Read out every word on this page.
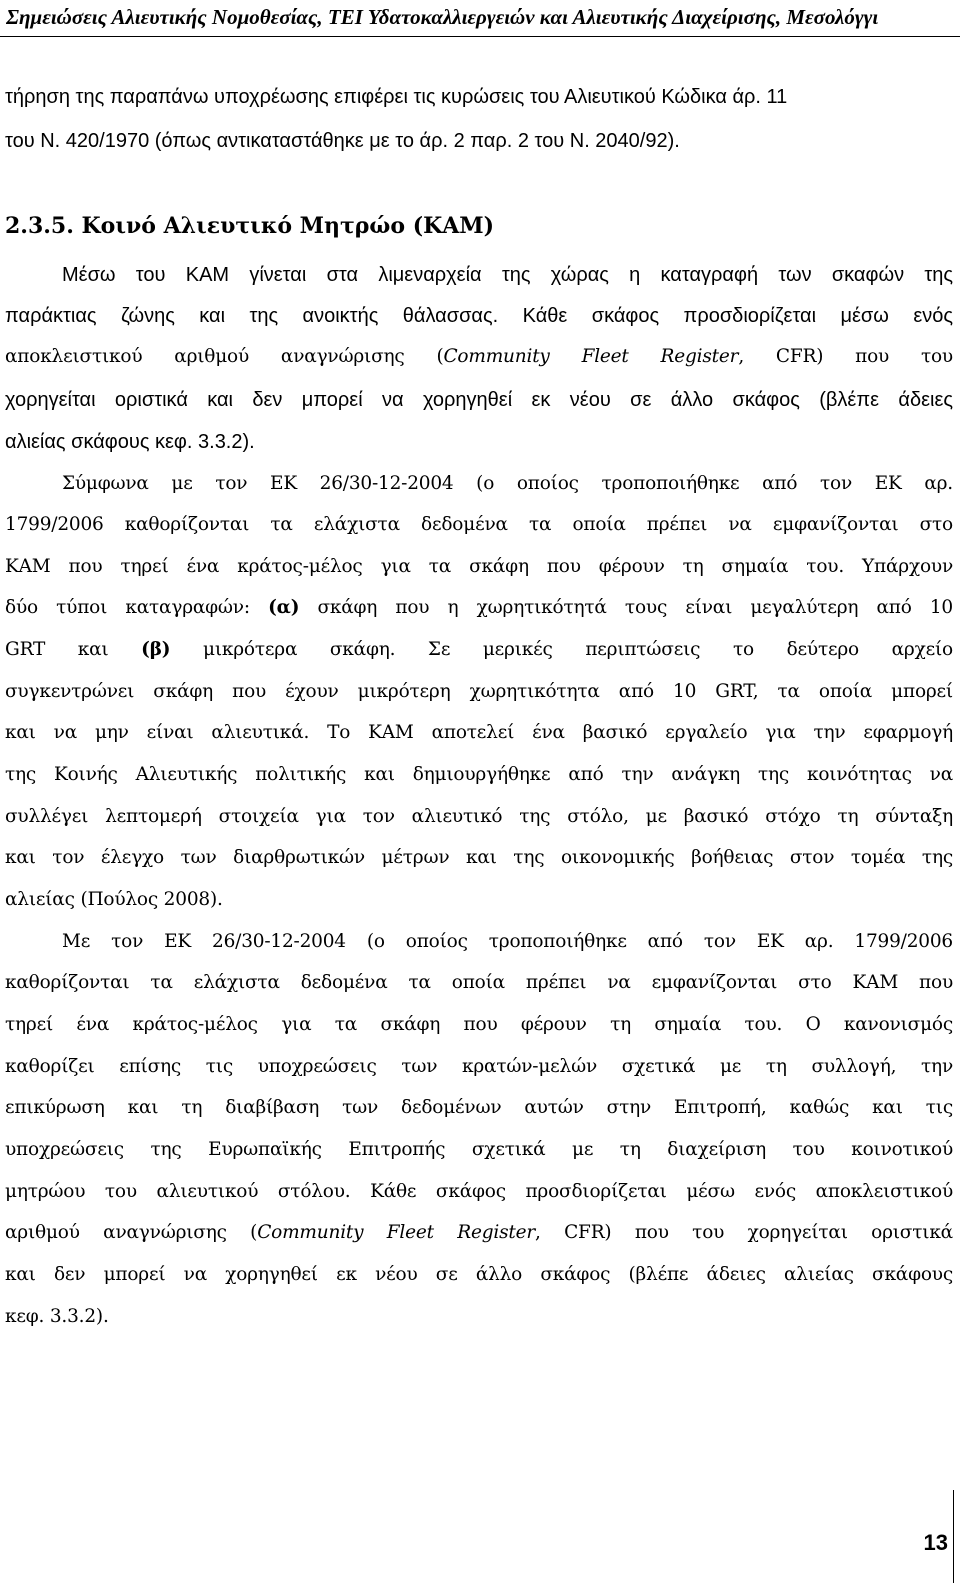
Σημειώσεις Αλιευτικής Νομοθεσίας, ΤΕΙ Υδατοκαλλιεργειών και Αλιευτικής Διαχείρισης, Μεσολόγγι
τήρηση της παραπάνω υποχρέωσης επιφέρει τις κυρώσεις του Αλιευτικού Κώδικα άρ. 11
του Ν. 420/1970 (όπως αντικαταστάθηκε με το άρ. 2 παρ. 2 του Ν. 2040/92).
2.3.5. Κοινό Αλιευτικό Μητρώο (ΚΑΜ)
Μέσω του ΚΑΜ γίνεται στα λιμεναρχεία της χώρας η καταγραφή των σκαφών της
παράκτιας ζώνης και της ανοικτής θάλασσας. Κάθε σκάφος προσδιορίζεται μέσω ενός
αποκλειστικού αριθμού αναγνώρισης (Community Fleet Register, CFR) που του
χορηγείται οριστικά και δεν μπορεί να χορηγηθεί εκ νέου σε άλλο σκάφος (βλέπε άδειες
αλιείας σκάφους κεφ. 3.3.2).
Σύμφωνα με τον ΕΚ 26/30-12-2004 (ο οποίος τροποποιήθηκε από τον ΕΚ αρ.
1799/2006 καθορίζονται τα ελάχιστα δεδομένα τα οποία πρέπει να εμφανίζονται στο
ΚΑΜ που τηρεί ένα κράτος-μέλος για τα σκάφη που φέρουν τη σημαία του. Υπάρχουν
δύο τύποι καταγραφών: (α) σκάφη που η χωρητικότητά τους είναι μεγαλύτερη από 10
GRT και (β) μικρότερα σκάφη. Σε μερικές περιπτώσεις το δεύτερο αρχείο
συγκεντρώνει σκάφη που έχουν μικρότερη χωρητικότητα από 10 GRT, τα οποία μπορεί
και να μην είναι αλιευτικά. Το ΚΑΜ αποτελεί ένα βασικό εργαλείο για την εφαρμογή
της Κοινής Αλιευτικής πολιτικής και δημιουργήθηκε από την ανάγκη της κοινότητας να
συλλέγει λεπτομερή στοιχεία για τον αλιευτικό της στόλο, με βασικό στόχο τη σύνταξη
και τον έλεγχο των διαρθρωτικών μέτρων και της οικονομικής βοήθειας στον τομέα της
αλιείας (Πούλος 2008).
Με τον ΕΚ 26/30-12-2004 (ο οποίος τροποποιήθηκε από τον ΕΚ αρ. 1799/2006
καθορίζονται τα ελάχιστα δεδομένα τα οποία πρέπει να εμφανίζονται στο ΚΑΜ που
τηρεί ένα κράτος-μέλος για τα σκάφη που φέρουν τη σημαία του. Ο κανονισμός
καθορίζει επίσης τις υποχρεώσεις των κρατών-μελών σχετικά με τη συλλογή, την
επικύρωση και τη διαβίβαση των δεδομένων αυτών στην Επιτροπή, καθώς και τις
υποχρεώσεις της Ευρωπαϊκής Επιτροπής σχετικά με τη διαχείριση του κοινοτικού
μητρώου του αλιευτικού στόλου. Κάθε σκάφος προσδιορίζεται μέσω ενός αποκλειστικού
αριθμού αναγνώρισης (Community Fleet Register, CFR) που του χορηγείται οριστικά
και δεν μπορεί να χορηγηθεί εκ νέου σε άλλο σκάφος (βλέπε άδειες αλιείας σκάφους
κεφ. 3.3.2).
13
